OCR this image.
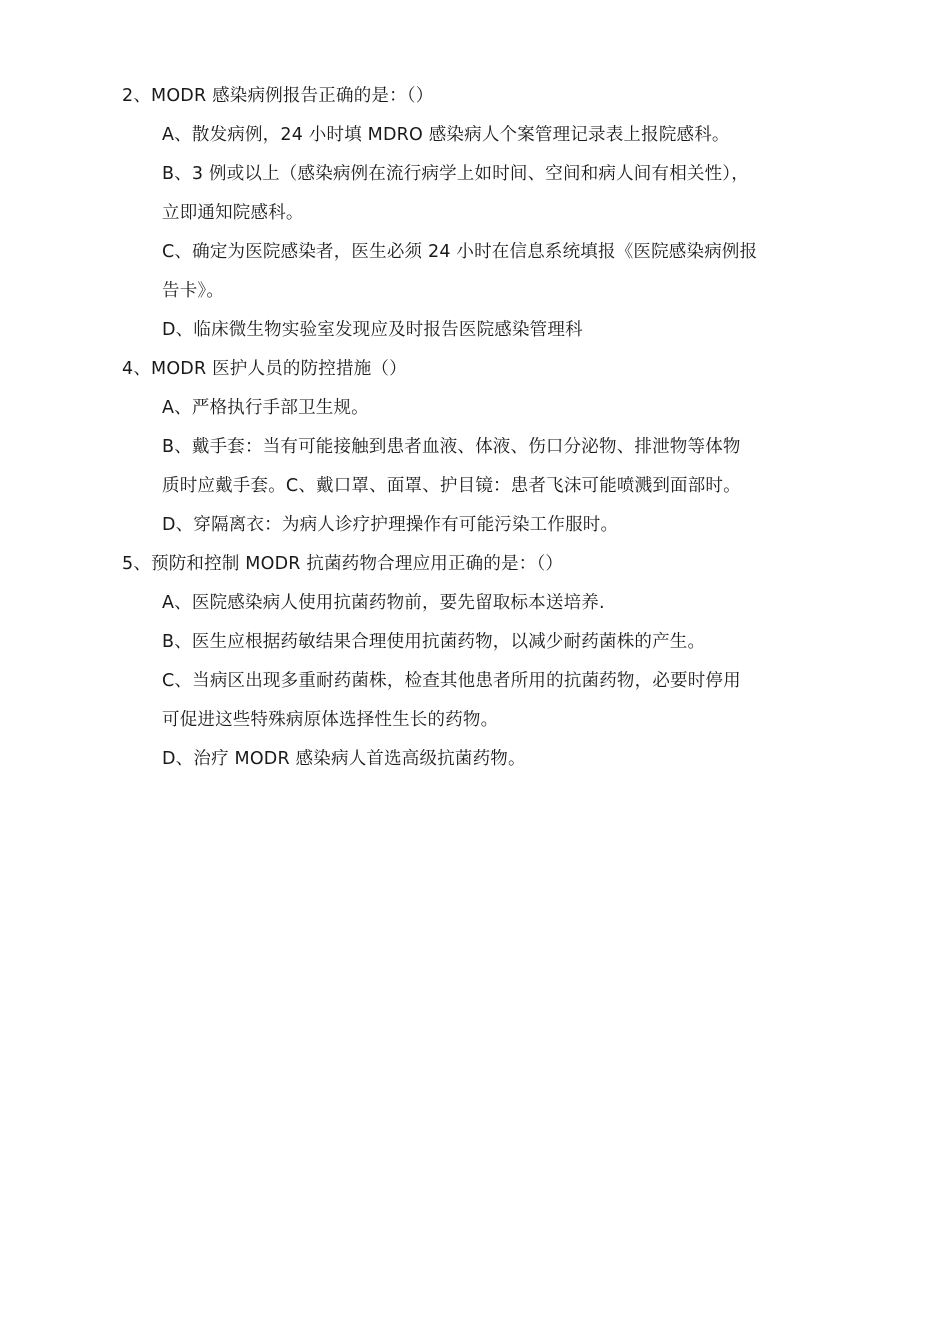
2、MODR 感染病例报告正确的是：（）
A、散发病例，24 小时填 MDRO 感染病人个案管理记录表上报院感科。
B、3 例或以上（感染病例在流行病学上如时间、空间和病人间有相关性），
立即通知院感科。
C、确定为医院感染者，医生必须 24 小时在信息系统填报《医院感染病例报
告卡》。
D、临床微生物实验室发现应及时报告医院感染管理科
4、MODR 医护人员的防控措施（）
A、严格执行手部卫生规。
B、戴手套：当有可能接触到患者血液、体液、伤口分泌物、排泄物等体物
质时应戴手套。C、戴口罩、面罩、护目镜：患者飞沫可能喷溅到面部时。
D、穿隔离衣：为病人诊疗护理操作有可能污染工作服时。
5、预防和控制 MODR 抗菌药物合理应用正确的是：（）
A、医院感染病人使用抗菌药物前，要先留取标本送培养.
B、医生应根据药敏结果合理使用抗菌药物，以减少耐药菌株的产生。
C、当病区出现多重耐药菌株，检查其他患者所用的抗菌药物，必要时停用
可促进这些特殊病原体选择性生长的药物。
D、治疗 MODR 感染病人首选高级抗菌药物。
